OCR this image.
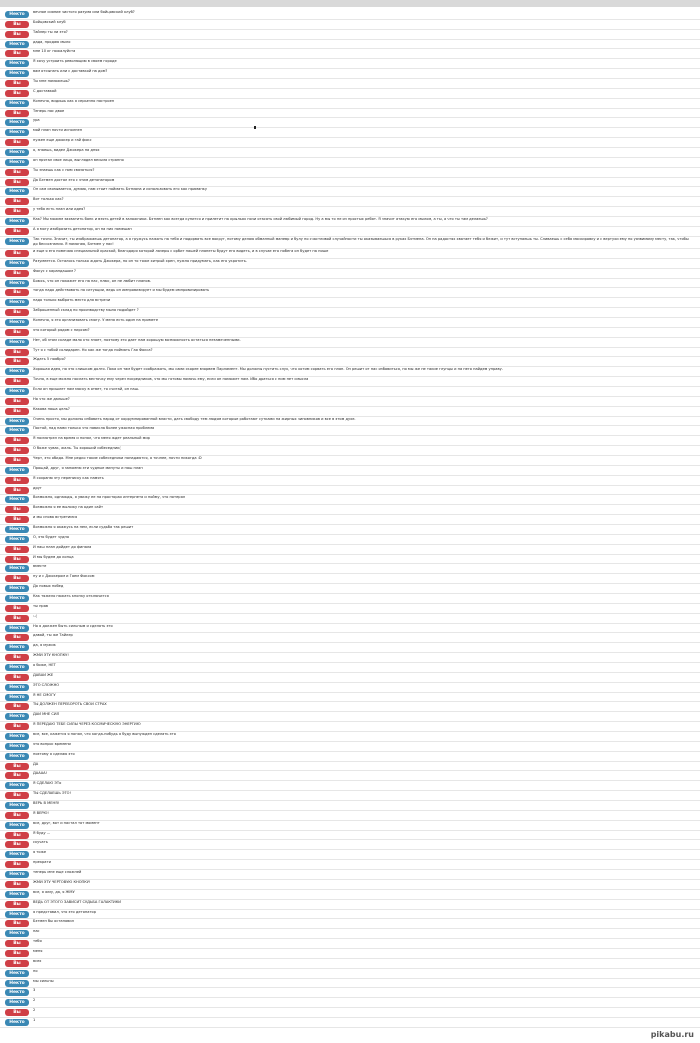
Некто	вечное сияние чистого разума или бойцовский клуб?
Вы	Бойцовский клуб
Вы	Тайлер ты ли это?
Некто	дада, продаю мыло
Вы	мне 10 кг пожалуйста
Некто	Я хочу устроить революцию в своем городе
Некто	вам отсыпать или с доставкой на дом?
Вы	Ты мне поможешь?
Вы	С доставкой
Некто	Конечно, видишь как я серьезно настроен
Вы	Теперь нас двое
Некто	ура
Некто	мой план почти исполнен
Вы	нужен еще джокер и гай фокс
Некто	о, знаешь, видел Джокера на днях
Некто	он прятал свое лицо, выглядел весьма странно
Вы	Ты знаешь как с ним связаться?
Вы	Да Бэтмен достал его с этим детонатором
Некто	Он сам связывается, думаю, нам стоит поймать Бэтмана и использовать его как приманку
Вы	Вот только как?
Вы	у тебя есть план или идея?
Некто	Как? Мы можем захватить банк и взять детей в заложники. Бэтмен как всегда купится и прилетит на крыльях ночи отасать свой любимый город. Ну а мы то не из простых ребят. Я значит атакую его мылом, а ты, а что ты там делаешь?
Вы	А я могу изобразить детонатор, он на них помешан
Некто	Так точно. Значит, ты изображаешь детонатор, а я гружусь нажать на тебя и подорвать все вокруг, потому делаю обманный маневр и булу по счастливой случайности ты оказываешься в руках Бэтмена. Он на радостях хватает тебя и бежит, и тут вступаешь ты. Сливаешь с себя маскировку и с вертухи ему по уязвимому месту, так, чтобы до бессознания. Я помогаю, Бэтмен у нас!
Вы	и еще я его помечаю специальной краской, благодаря которой лазеры с орбит нашей планеты будут его видеть, и в случае его побега он будет на нише
Некто	Разумеется. Осталось только ждать Джокера, но он то тоже хитрый хрен, нужно придумать, как его укротить.
Вы	Фокус с карандашом ?
Некто	Боюсь, что он покажет его на нас, плюс, он не любит планов.
Вы	тогда надо действовать по ситуации, ведь он импровизирует и мы будем импровизировать
Некто	надо только выбрать место для встречи
Вы	Заброшенный склад по производству мыла подойдет ?
Некто	Конечно, я это организовать смогу. У меня есть один на примете
Вы	это который рядом с пирсом?
Некто	Нет, об этом складе мало кто знает, поэтому это дает нам хорошую возможность остаться незамеченными.
Вы	Тут я с тобой солидарен. Но как же тогда поймать Гая Фокса?
Вы	Ждать 5 ноября?
Некто	Хорошая идея, но это слишком долго. Пока он там будет соображать, мы сами скорее взорвем Парламент. Мы должны пустить слух, что хотим сорвать его план. Он решит от нас избавиться, но мы же не такие глупцы и на него найдем управу.
Вы	Точно, в еще можно послать весточку ему через посредников, что мы готовы помочь ему, если он поможет нам. Ибо драться с ним нет смысла
Некто	Если он пришлет нам маску в ответ, то считай, он наш.
Вы	Но что же дальше?
Вы	Какова наша цель?
Некто	Очень просто, мы должны избавить народ от коррумпированной власти, дать свободу тем людям которые работают сутками на жирных чиновников и все в этом духе.
Некто	Постой, над нами только что нависла более ужасная проблема
Вы	Я посмотрел на время и понял, что меня ждет реальный мир
Вы	О боже чувак, жаль. Ты хороший собеседник(
Вы	Черт, это обида. Мне редко такие собеседники попадаются, а точнее, почти никогда :D
Некто	Прощай, друг, я запомню эти чудные минуты и наш план
Вы	Я сохраню эту переписку как память
Вы	друг
Некто	Возможно, однажды, я увижу ее на просторах интернета и пойму, что потерял
Вы	Возможно я ее выложу на один сайт
Вы	и мы снова встретимся
Некто	Возможно я окажусь на нем, если судьба так решит
Некто	О, это будет чудно
Вы	И наш план дойдет до финала
Вы	И мы будем до конца
Некто	вместе
Вы	ну и с Джокером и Гаем Фоксом
Некто	До новых побед
Некто	Как тяжело нажать кнопку отключится
Вы	ты прав
Вы	:-(
Некто	Но я должен быть сильным и сделать это
Вы	давай, ты же Тайлер
Некто	да, я мужик
Вы	ЖМИ ЭТУ КНОПКУ!
Некто	о боже, НЕТ
Вы	ДАВАЙ ЖЕ
Некто	ЭТО СЛОЖНО
Некто	Я НЕ СМОГУ
Вы	ТЫ ДОЛЖЕН ПЕРЕБОРОТЬ СВОЙ СТРАХ
Некто	ДАЙ МНЕ СИЛ
Вы	Я ПЕРЕДАЮ ТЕБЕ СИЛЫ ЧЕРЕЗ КОСМИЧЕСКУЮ ЭНЕРГИЮ
Некто	все, все, кажется я понял, что когда-нибудь я буду вынужден сделать это
Некто	это вопрос времени
Некто	поэтому я сделаю это
Вы	ДА
Вы	ДАААА!
Некто	Я СДЕЛАЮ ЭТо
Вы	ТЫ СДЕЛАЕШЬ ЭТО!
Некто	ВЕРЬ В МЕНЯ!
Вы	Я ВЕРЮ!
Некто	все, друг, вот и настал тот момент
Вы	Я буду ...
Вы	скучать
Некто	я тоже
Вы	прекрати
Некто	теперь мне еще сложней
Вы	ЖМИ ЭТУ ЧЕРТОВУЮ КНОПКУ!
Некто	все, я жму, да, я ЖМУ
Вы	ВЕДЬ ОТ ЭТОГО ЗАВИСИТ СУДЬБА ГАЛАКТИКИ
Некто	я представил, что это детонатор
Вы	Бэтмен бы остановил
Некто	нас
Вы	тебя
Вы	меня
Вы	всех
Некто	но
Некто	мы сильны
Некто	3
Некто	2
Вы	2
Некто	1
pikabu.ru
